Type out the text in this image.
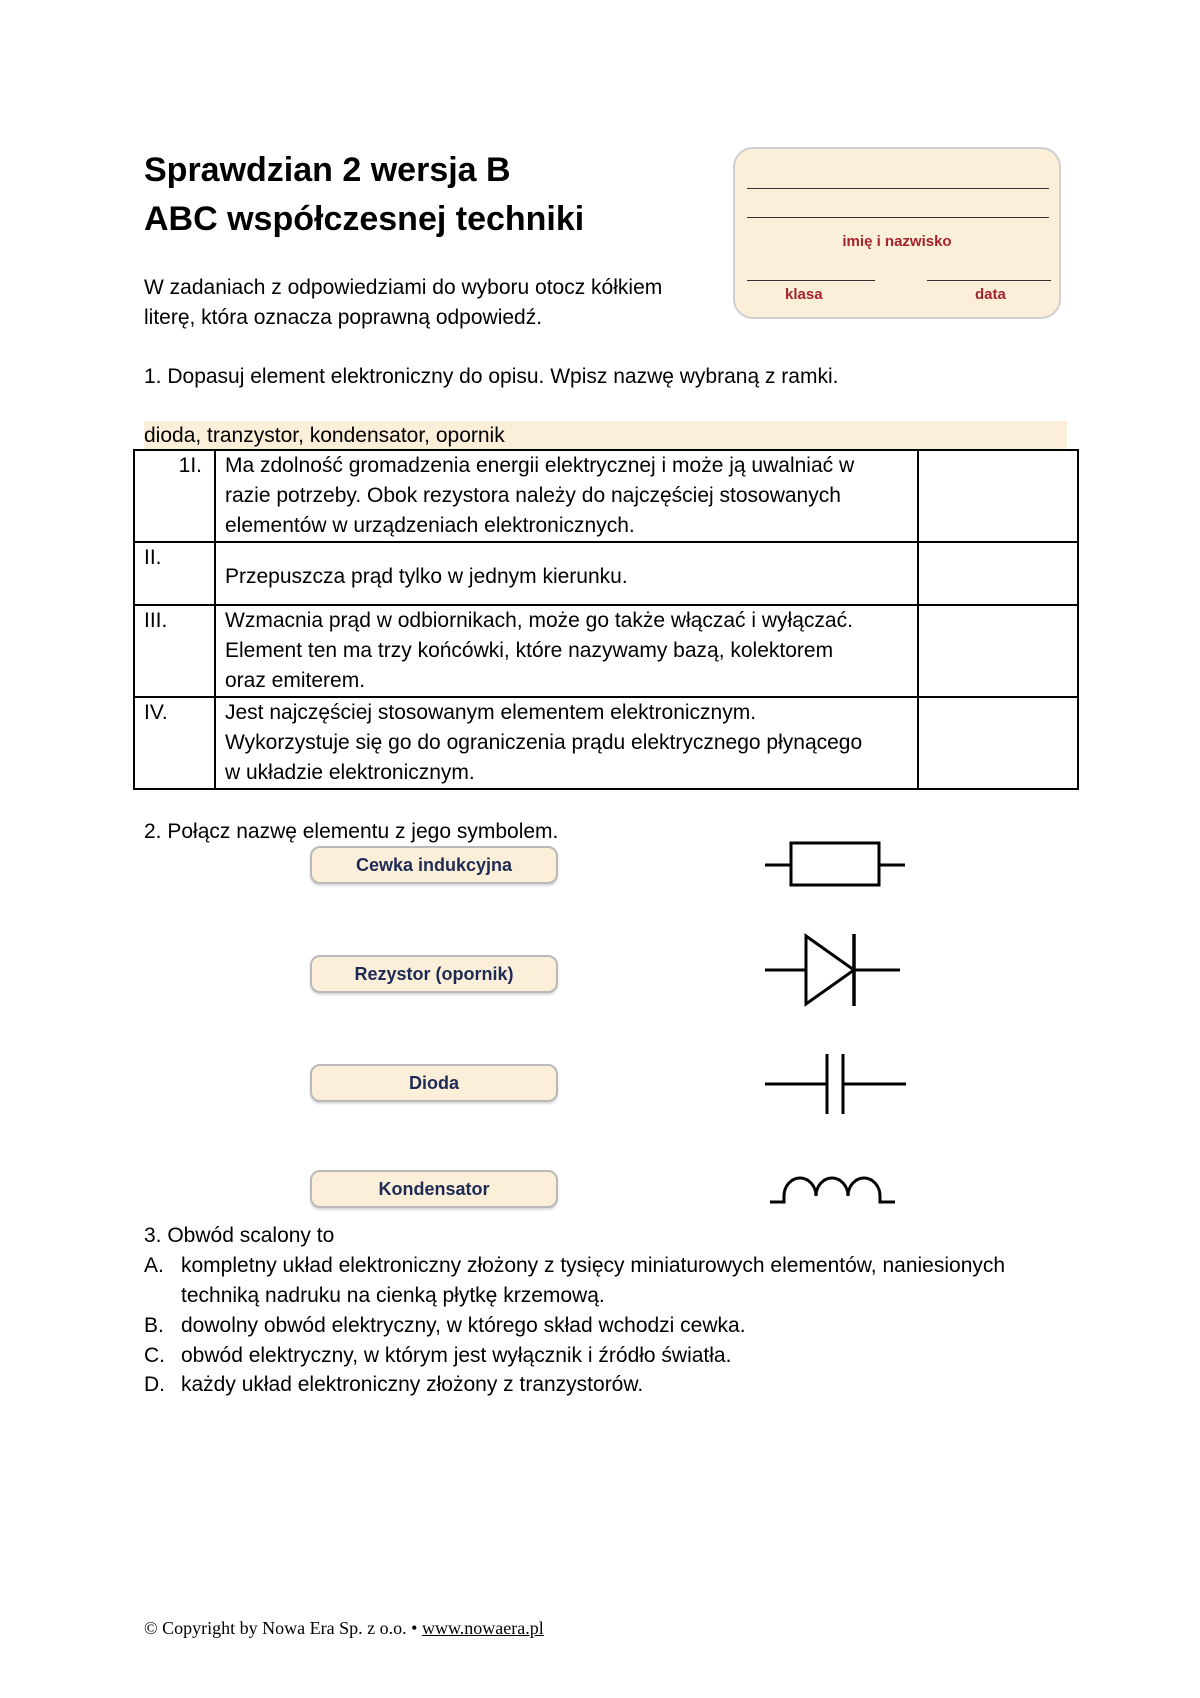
Sprawdzian 2 wersja B
ABC współczesnej techniki
W zadaniach z odpowiedziami do wyboru otocz kółkiem
literę, która oznacza poprawną odpowiedź.
imię i nazwisko
klasa	data
1. Dopasuj element elektroniczny do opisu. Wpisz nazwę wybraną z ramki.
dioda, tranzystor, kondensator, opornik
1I.	Ma zdolność gromadzenia energii elektrycznej i może ją uwalniać w
razie potrzeby. Obok rezystora należy do najczęściej stosowanych
elementów w urządzeniach elektronicznych.	

II.	Przepuszcza prąd tylko w jednym kierunku.	

III.	Wzmacnia prąd w odbiornikach, może go także włączać i wyłączać.
Element ten ma trzy końcówki, które nazywamy bazą, kolektorem
oraz emiterem.	

IV.	Jest najczęściej stosowanym elementem elektronicznym.
Wykorzystuje się go do ograniczenia prądu elektrycznego płynącego
w układzie elektronicznym.	

2. Połącz nazwę elementu z jego symbolem.
Cewka indukcyjna
Rezystor (opornik)
Dioda
Kondensator
3. Obwód scalony to
A. kompletny układ elektroniczny złożony z tysięcy miniaturowych elementów, naniesionych
techniką nadruku na cienką płytkę krzemową.
B. dowolny obwód elektryczny, w którego skład wchodzi cewka.
C. obwód elektryczny, w którym jest wyłącznik i źródło światła.
D. każdy układ elektroniczny złożony z tranzystorów.
© Copyright by Nowa Era Sp. z o.o. • www.nowaera.pl
